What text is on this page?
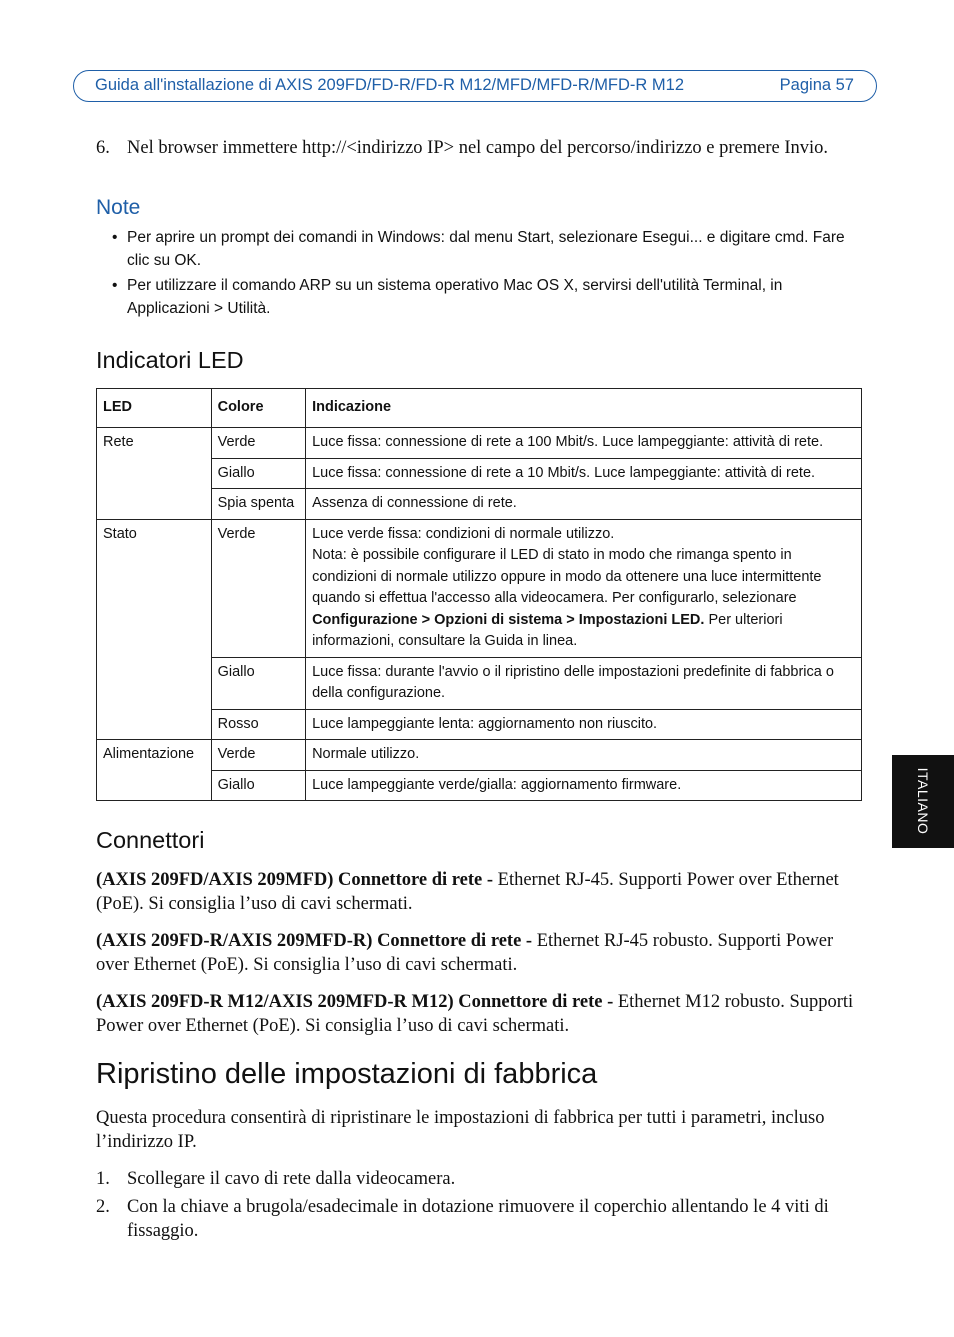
Guida all'installazione di AXIS 209FD/FD-R/FD-R M12/MFD/MFD-R/MFD-R M12	Pagina 57
6. Nel browser immettere http://<indirizzo IP> nel campo del percorso/indirizzo e premere Invio.
Note
• Per aprire un prompt dei comandi in Windows: dal menu Start, selezionare Esegui... e digitare cmd. Fare clic su OK.
• Per utilizzare il comando ARP su un sistema operativo Mac OS X, servirsi dell'utilità Terminal, in Applicazioni > Utilità.
Indicatori LED
LED	Colore	Indicazione
Rete	Verde	Luce fissa: connessione di rete a 100 Mbit/s. Luce lampeggiante: attività di rete.
	Giallo	Luce fissa: connessione di rete a 10 Mbit/s. Luce lampeggiante: attività di rete.
	Spia spenta	Assenza di connessione di rete.
Stato	Verde	Luce verde fissa: condizioni di normale utilizzo.
Nota: è possibile configurare il LED di stato in modo che rimanga spento in condizioni di normale utilizzo oppure in modo da ottenere una luce intermittente quando si effettua l'accesso alla videocamera. Per configurarlo, selezionare Configurazione > Opzioni di sistema > Impostazioni LED. Per ulteriori informazioni, consultare la Guida in linea.
	Giallo	Luce fissa: durante l'avvio o il ripristino delle impostazioni predefinite di fabbrica o della configurazione.
	Rosso	Luce lampeggiante lenta: aggiornamento non riuscito.
Alimentazione	Verde	Normale utilizzo.
	Giallo	Luce lampeggiante verde/gialla: aggiornamento firmware.
Connettori
(AXIS 209FD/AXIS 209MFD) Connettore di rete - Ethernet RJ-45. Supporti Power over Ethernet (PoE). Si consiglia l’uso di cavi schermati.
(AXIS 209FD-R/AXIS 209MFD-R) Connettore di rete - Ethernet RJ-45 robusto. Supporti Power over Ethernet (PoE). Si consiglia l’uso di cavi schermati.
(AXIS 209FD-R M12/AXIS 209MFD-R M12) Connettore di rete - Ethernet M12 robusto. Supporti Power over Ethernet (PoE). Si consiglia l’uso di cavi schermati.
Ripristino delle impostazioni di fabbrica
Questa procedura consentirà di ripristinare le impostazioni di fabbrica per tutti i parametri, incluso l’indirizzo IP.
1. Scollegare il cavo di rete dalla videocamera.
2. Con la chiave a brugola/esadecimale in dotazione rimuovere il coperchio allentando le 4 viti di fissaggio.
ITALIANO
